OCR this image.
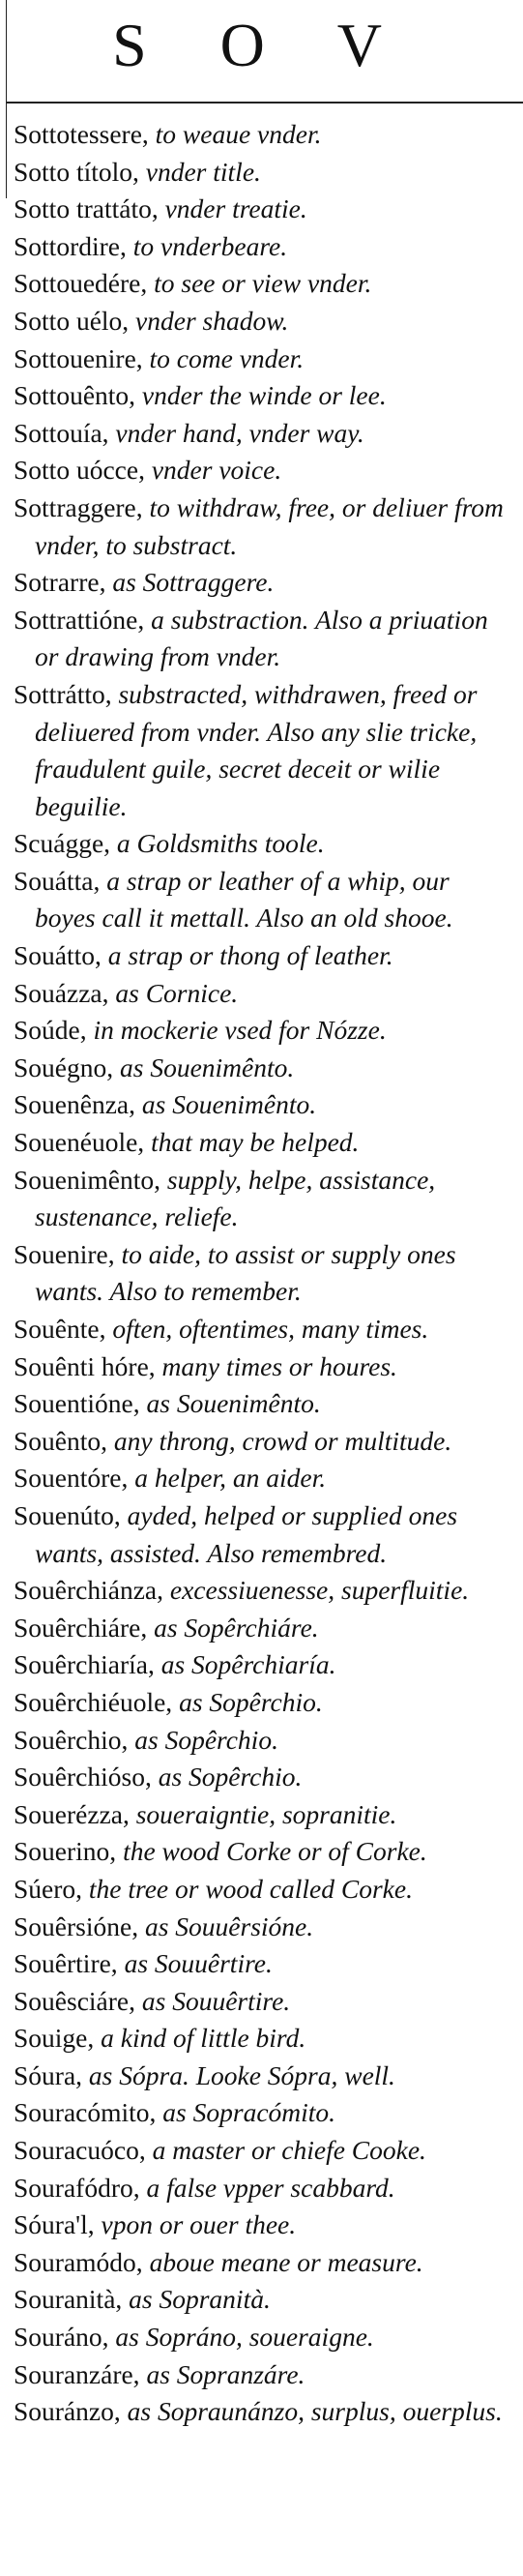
S O V
Sottotessere, to weaue vnder.
Sotto títolo, vnder title.
Sotto trattáto, vnder treatie.
Sottordire, to vnderbeare.
Sottouedére, to see or view vnder.
Sotto uélo, vnder shadow.
Sottouenire, to come vnder.
Sottouênto, vnder the winde or lee.
Sottouía, vnder hand, vnder way.
Sotto uócce, vnder voice.
Sottraggere, to withdraw, free, or deliuer from vnder, to substract.
Sotrarre, as Sottraggere.
Sottrattióne, a substraction. Also a priuation or drawing from vnder.
Sottrátto, substracted, withdrawen, freed or deliuered from vnder. Also any slie tricke, fraudulent guile, secret deceit or wilie beguilie.
Scuágge, a Goldsmiths toole.
Souátta, a strap or leather of a whip, our boyes call it mettall. Also an old shooe.
Souátto, a strap or thong of leather.
Souázza, as Cornice.
Soúde, in mockerie vsed for Nózze.
Souégno, as Souenimênto.
Souenênza, as Souenimênto.
Souenéuole, that may be helped.
Souenimênto, supply, helpe, assistance, sustenance, reliefe.
Souenire, to aide, to assist or supply ones wants. Also to remember.
Souênte, often, oftentimes, many times.
Souênti hóre, many times or houres.
Souentióne, as Souenimênto.
Souênto, any throng, crowd or multitude.
Souentóre, a helper, an aider.
Souenúto, ayded, helped or supplied ones wants, assisted. Also remembred.
Souêrchiánza, excessiuenesse, superfluitie.
Souêrchiáre, as Sopêrchiáre.
Souêrchiaría, as Sopêrchiaría.
Souêrchiéuole, as Sopêrchio.
Souêrchio, as Sopêrchio.
Souêrchióso, as Sopêrchio.
Souerézza, soueraigntie, sopranitie.
Souerino, the wood Corke or of Corke.
Súero, the tree or wood called Corke.
Souêrsióne, as Souuêrsióne.
Souêrtire, as Souuêrtire.
Souêsciáre, as Souuêrtire.
Souige, a kind of little bird.
Sóura, as Sópra. Looke Sópra, well.
Souracómito, as Sopracómito.
Souracuóco, a master or chiefe Cooke.
Sourafódro, a false vpper scabbard.
Sóura'l, vpon or ouer thee.
Souramódo, aboue meane or measure.
Souranità, as Sopranità.
Souráno, as Sopráno, soueraigne.
Souranzáre, as Sopranzáre.
Souránzo, as Sopraunánzo, surplus, ouerplus.
